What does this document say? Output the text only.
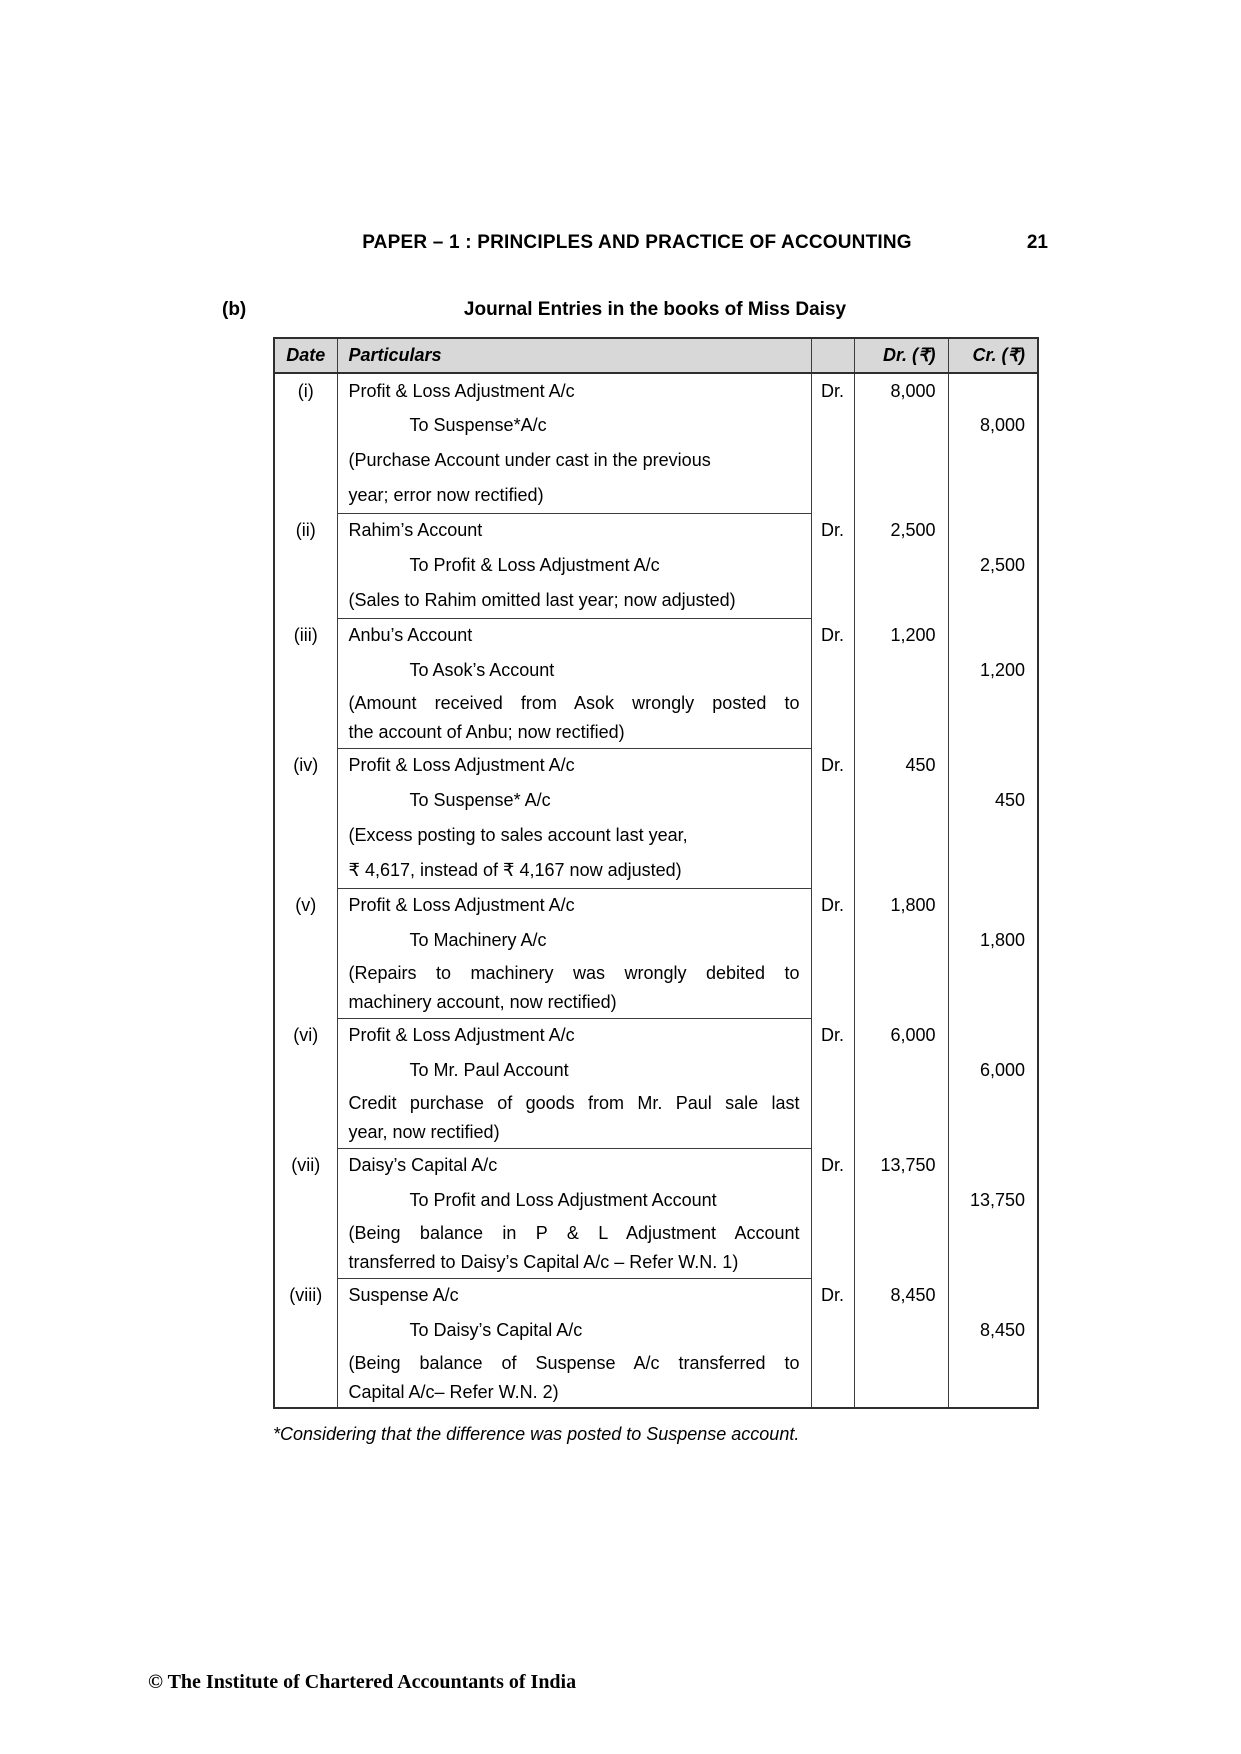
PAPER – 1 : PRINCIPLES AND PRACTICE OF ACCOUNTING	21
(b)	Journal Entries in the books of Miss Daisy
Date	Particulars		Dr. (₹)	Cr. (₹)
(i)	Profit & Loss Adjustment A/c	Dr.	8,000	
	To Suspense*A/c			8,000
	(Purchase Account under cast in the previous			
	year; error now rectified)			
(ii)	Rahim’s Account	Dr.	2,500	
	To Profit & Loss Adjustment A/c			2,500
	(Sales to Rahim omitted last year; now adjusted)			
(iii)	Anbu’s Account	Dr.	1,200	
	To Asok’s Account			1,200
	(Amount received from Asok wrongly posted to			
	the account of Anbu; now rectified)			
(iv)	Profit & Loss Adjustment A/c	Dr.	450	
	To Suspense* A/c			450
	(Excess posting to sales account last year,			
	₹ 4,617, instead of ₹ 4,167 now adjusted)			
(v)	Profit & Loss Adjustment A/c	Dr.	1,800	
	To Machinery A/c			1,800
	(Repairs to machinery was wrongly debited to			
	machinery account, now rectified)			
(vi)	Profit & Loss Adjustment A/c	Dr.	6,000	
	To Mr. Paul Account			6,000
	Credit purchase of goods from Mr. Paul sale last			
	year, now rectified)			
(vii)	Daisy’s Capital A/c	Dr.	13,750	
	To Profit and Loss Adjustment Account			13,750
	(Being balance in P & L Adjustment Account			
	transferred to Daisy’s Capital A/c – Refer W.N. 1)			
(viii)	Suspense A/c	Dr.	8,450	
	To Daisy’s Capital A/c			8,450
	(Being balance of Suspense A/c transferred to			
	Capital A/c– Refer W.N. 2)			
*Considering that the difference was posted to Suspense account.
© The Institute of Chartered Accountants of India
